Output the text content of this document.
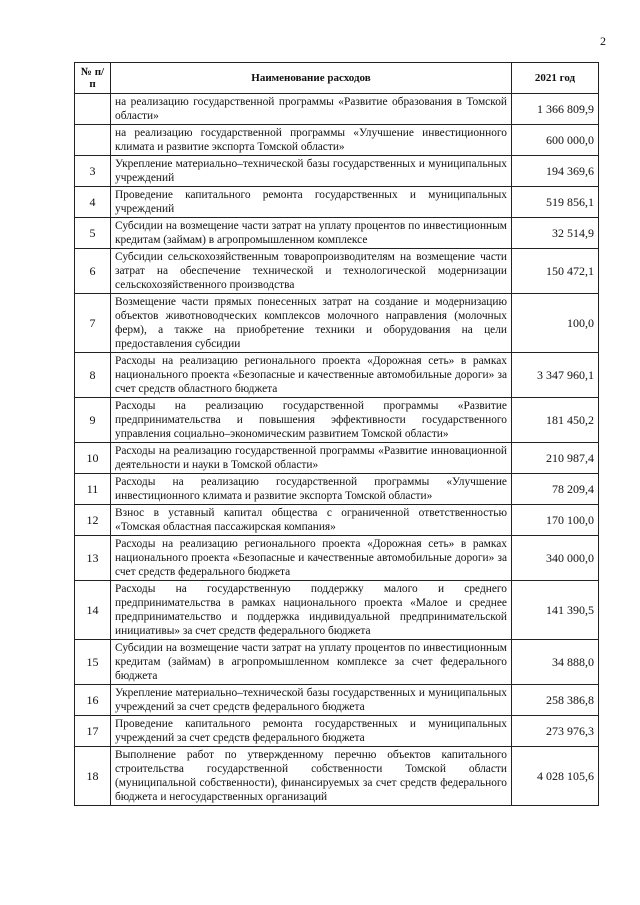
2
№ п/п	Наименование расходов	2021 год
	на реализацию государственной программы «Развитие образования в Томской области»	1 366 809,9
	на реализацию государственной программы «Улучшение инвестиционного климата и развитие экспорта Томской области»	600 000,0
3	Укрепление материально–технической базы государственных и муниципальных учреждений	194 369,6
4	Проведение капитального ремонта государственных и муниципальных учреждений	519 856,1
5	Субсидии на возмещение части затрат на уплату процентов по инвестиционным кредитам (займам) в агропромышленном комплексе	32 514,9
6	Субсидии сельскохозяйственным товаропроизводителям на возмещение части затрат на обеспечение технической и технологической модернизации сельскохозяйственного производства	150 472,1
7	Возмещение части прямых понесенных затрат на создание и модернизацию объектов животноводческих комплексов молочного направления (молочных ферм), а также на приобретение техники и оборудования на цели предоставления субсидии	100,0
8	Расходы на реализацию регионального проекта «Дорожная сеть» в рамках национального проекта «Безопасные и качественные автомобильные дороги» за счет средств областного бюджета	3 347 960,1
9	Расходы на реализацию государственной программы «Развитие предпринимательства и повышения эффективности государственного управления социально–экономическим развитием Томской области»	181 450,2
10	Расходы на реализацию государственной программы «Развитие инновационной деятельности и науки в Томской области»	210 987,4
11	Расходы на реализацию государственной программы «Улучшение инвестиционного климата и развитие экспорта Томской области»	78 209,4
12	Взнос в уставный капитал общества с ограниченной ответственностью «Томская областная пассажирская компания»	170 100,0
13	Расходы на реализацию регионального проекта «Дорожная сеть» в рамках национального проекта «Безопасные и качественные автомобильные дороги» за счет средств федерального бюджета	340 000,0
14	Расходы на государственную поддержку малого и среднего предпринимательства в рамках национального проекта «Малое и среднее предпринимательство и поддержка индивидуальной предпринимательской инициативы» за счет средств федерального бюджета	141 390,5
15	Субсидии на возмещение части затрат на уплату процентов по инвестиционным кредитам (займам) в агропромышленном комплексе за счет федерального бюджета	34 888,0
16	Укрепление материально–технической базы государственных и муниципальных учреждений за счет средств федерального бюджета	258 386,8
17	Проведение капитального ремонта государственных и муниципальных учреждений за счет средств федерального бюджета	273 976,3
18	Выполнение работ по утвержденному перечню объектов капитального строительства государственной собственности Томской области (муниципальной собственности), финансируемых за счет средств федерального бюджета и негосударственных организаций	4 028 105,6
